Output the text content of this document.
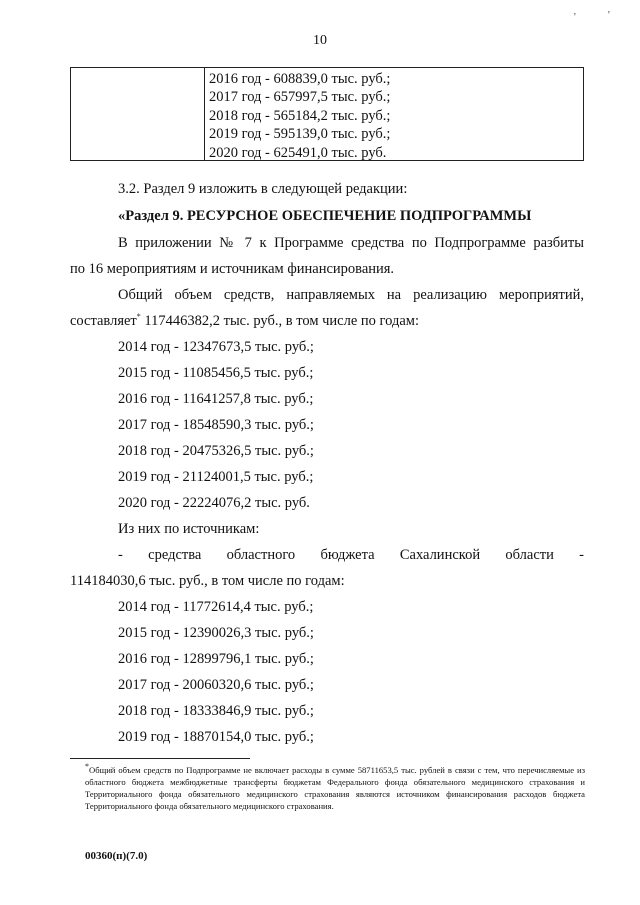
10
'	'
2016 год - 608839,0 тыс. руб.;
2017 год - 657997,5 тыс. руб.;
2018 год - 565184,2 тыс. руб.;
2019 год - 595139,0 тыс. руб.;
2020 год - 625491,0 тыс. руб.
3.2. Раздел 9 изложить в следующей редакции:
«Раздел 9. РЕСУРСНОЕ ОБЕСПЕЧЕНИЕ ПОДПРОГРАММЫ
В приложении № 7 к Программе средства по Подпрограмме разбиты
по 16 мероприятиям и источникам финансирования.
Общий объем средств, направляемых на реализацию мероприятий,
составляет* 117446382,2 тыс. руб., в том числе по годам:
2014 год - 12347673,5 тыс. руб.;
2015 год - 11085456,5 тыс. руб.;
2016 год - 11641257,8 тыс. руб.;
2017 год - 18548590,3 тыс. руб.;
2018 год - 20475326,5 тыс. руб.;
2019 год - 21124001,5 тыс. руб.;
2020 год - 22224076,2 тыс. руб.
Из них по источникам:
- средства областного бюджета Сахалинской области -
114184030,6 тыс. руб., в том числе по годам:
2014 год - 11772614,4 тыс. руб.;
2015 год - 12390026,3 тыс. руб.;
2016 год - 12899796,1 тыс. руб.;
2017 год - 20060320,6 тыс. руб.;
2018 год - 18333846,9 тыс. руб.;
2019 год - 18870154,0 тыс. руб.;
*Общий объем средств по Подпрограмме не включает расходы в сумме 58711653,5 тыс. рублей в связи с тем, что перечисляемые из областного бюджета межбюджетные трансферты бюджетам Федерального фонда обязательного медицинского страхования и Территориального фонда обязательного медицинского страхования являются источником финансирования расходов бюджета Территориального фонда обязательного медицинского страхования.
00360(п)(7.0)
